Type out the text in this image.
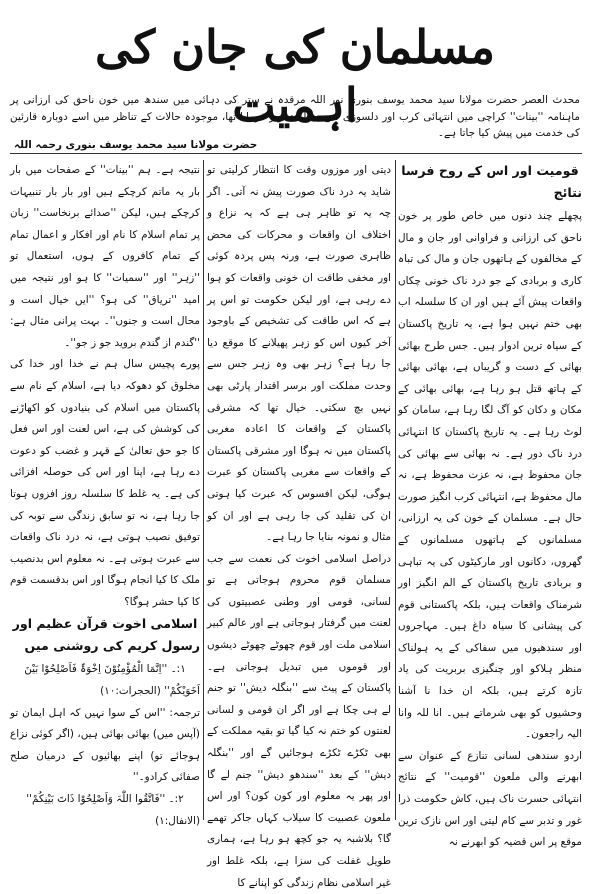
مسلمان کی جان کی اہمیت
محدث العصر حضرت مولانا سید محمد یوسف بنوری نور اللہ مرقدہ نے ستر کی دہائی میں سندھ میں خون ناحق کی ارزانی پر ماہنامہ ''بینات'' کراچی میں انتہائی کرب اور دلسوزی سے مقالہ تحریر فرمایا تھا، موجودہ حالات کے تناظر میں اسے دوبارہ قارئین کی خدمت میں پیش کیا جاتا ہے۔
حضرت مولانا سید محمد یوسف بنوری رحمہ اللہ
قومیت اور اس کے روح فرسا نتائج

پچھلے چند دنوں میں خاص طور پر خون ناحق کی ارزانی و فراوانی اور جان و مال کے مخالفوں کے ہاتھوں جان و مال کی تباہ کاری و بربادی کے جو درد ناک خونی چکاں واقعات پیش آئے ہیں اور ان کا سلسلہ اب بھی ختم نہیں ہوا ہے، یہ تاریخ پاکستان کے سیاہ ترین ادوار ہیں۔ جس طرح بھائی بھائی کے دست و گریباں ہے، بھائی بھائی کے ہاتھ قتل ہو رہا ہے، بھائی بھائی کے مکان و دکان کو آگ لگا رہا ہے، سامان کو لوٹ رہا ہے۔ یہ تاریخ پاکستان کا انتہائی درد ناک دور ہے۔ نہ بھائی سے بھائی کی جان محفوظ ہے، نہ عزت محفوظ ہے، نہ مال محفوظ ہے، انتہائی کرب انگیز صورت حال ہے۔ مسلمان کے خون کی یہ ارزانی، مسلمانوں کے ہاتھوں مسلمانوں کے گھروں، دکانوں اور مارکیٹوں کی یہ تباہی و بربادی تاریخ پاکستان کے الم انگیز اور شرمناک واقعات ہیں، بلکہ پاکستانی قوم کی پیشانی کا سیاہ داغ ہیں۔ مہاجروں اور سندھیوں میں سفاکی کے یہ ہولناک منظر ہلاکو اور چنگیزی بربریت کی یاد تازہ کرتے ہیں، بلکہ ان خدا نا آشنا وحشیوں کو بھی شرماتے ہیں۔ انا للہ وانا الیہ راجعون۔

اردو سندھی لسانی تنازع کے عنوان سے ابھرنے والی ملعون ''قومیت'' کے نتائج انتہائی حسرت ناک ہیں، کاش حکومت ذرا غور و تدبر سے کام لیتی اور اس نازک ترین موقع پر اس قضیہ کو ابھرنے نہ

دیتی اور موزوں وقت کا انتظار کرلیتی تو شاید یہ درد ناک صورت پیش نہ آتی۔ اگر چہ یہ تو ظاہر ہی ہے کہ یہ نزاع و اختلاف ان واقعات و محرکات کی محض ظاہری صورت ہے، ورنہ پس پردہ کوئی اور مخفی طاقت ان خونی واقعات کو ہوا دے رہی ہے، اور لیکن حکومت تو اس پر ہے کہ اس طاقت کی تشخیص کے باوجود آخر کیوں اس کو زہر پھیلانے کا موقع دیا جا رہا ہے؟ زہر بھی وہ زہر جس سے وحدت مملکت اور برسر اقتدار پارٹی بھی نہیں بچ سکتی۔ خیال تھا کہ مشرقی پاکستان کے واقعات کا اعادہ مغربی پاکستان میں نہ ہوگا اور مشرقی پاکستان کے واقعات سے مغربی پاکستان کو عبرت ہوگی، لیکن افسوس کہ عبرت کیا ہوتی ان کی تقلید کی جا رہی ہے اور ان کو مثال و نمونہ بنایا جا رہا ہے۔

دراصل اسلامی اخوت کی نعمت سے جب مسلمان قوم محروم ہوجاتی ہے تو لسانی، قومی اور وطنی عصبیتوں کی لعنت میں گرفتار ہوجاتی ہے اور عالم کبیر اسلامی ملت اور قوم چھوٹے چھوٹے دیشوں اور قوموں میں تبدیل ہوجاتی ہے۔ پاکستان کے پیٹ سے ''بنگلہ دیش'' تو جنم لے ہی چکا ہے اور اگر ان قومی و لسانی لعنتوں کو ختم نہ کیا گیا تو بقیہ مملکت کے بھی ٹکڑے ٹکڑے ہوجائیں گے اور ''بنگلہ دیش'' کے بعد ''سندھو دیش'' جنم لے گا اور پھر یہ معلوم اور کون کون؟ اور اس ملعون عصبیت کا سیلاب کہاں جاکر تھمے گا؟ بلاشبہ یہ جو کچھ ہو رہا ہے، ہماری طویل غفلت کی سزا ہے، بلکہ غلط اور غیر اسلامی نظام زندگی کو اپنانے کا

نتیجہ ہے۔ ہم ''بینات'' کے صفحات میں بار بار یہ ماتم کرچکے ہیں اور بار بار تنبیہات کرچکے ہیں، لیکن ''صدائے برنخاست'' زبان پر تمام اسلام کا نام اور افکار و اعمال تمام کے تمام کافروں کے ہوں، استعمال تو ''زہر'' اور ''سمیات'' کا ہو اور نتیجہ میں امید ''تریاق'' کی ہو؟ ''ایں خیال است و محال است و جنوں''۔ بہت پرانی مثال ہے: ''گندم از گندم بروید جو ز جو''۔

پورے پچیس سال ہم نے خدا اور خدا کی مخلوق کو دھوکہ دیا ہے، اسلام کے نام سے پاکستان میں اسلام کی بنیادوں کو اکھاڑنے کی کوشش کی ہے، اس لعنت اور اس فعل کا جو حق تعالیٰ کے قہر و غضب کو دعوت دے رہا ہے، اپنا اور اس کی حوصلہ افزائی کی ہے۔ یہ غلط کا سلسلہ روز افزوں ہوتا جا رہا ہے، نہ تو سابق زندگی سے توبہ کی توفیق نصیب ہوتی ہے، نہ درد ناک واقعات سے عبرت ہوتی ہے۔ نہ معلوم اس بدنصیب ملک کا کیا انجام ہوگا اور اس بدقسمت قوم کا کیا حشر ہوگا؟

اسلامی اخوت قرآن عظیم اور رسول کریم کی روشنی میں

۱:۔ ''اِنَّمَا الْمُؤْمِنُوْنَ اِخْوَۃٌ فَاَصْلِحُوْا بَیْنَ اَخَوَیْکُمْ'' (الحجرات:۱۰)

ترجمہ: ''اس کے سوا نہیں کہ اہل ایمان تو (آپس میں) بھائی بھائی ہیں، (اگر کوئی نزاع ہوجائے تو) اپنے بھائیوں کے درمیان صلح صفائی کرادو۔''

۲:۔ ''فَاتَّقُوا اللّٰہَ وَاَصْلِحُوْا ذَاتَ بَیْنِکُمْ'' (الانفال:۱)
